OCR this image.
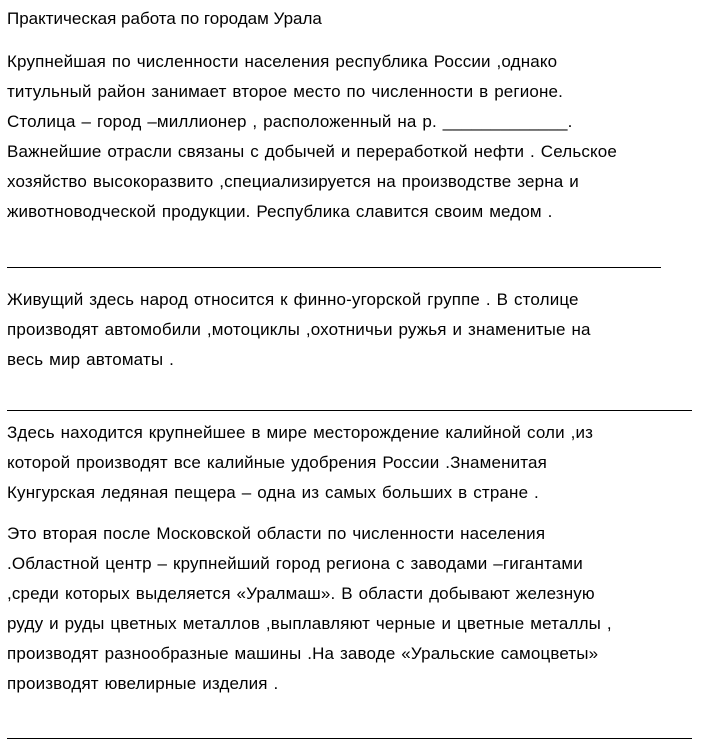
Практическая работа по городам Урала
Крупнейшая по численности населения республика России ,однако
титульный район занимает второе место по численности в регионе.
Столица – город –миллионер , расположенный на р. _____________.
Важнейшие отрасли связаны с добычей и переработкой нефти . Сельское
хозяйство высокоразвито ,специализируется на производстве зерна и
животноводческой продукции. Республика славится своим медом .
Живущий здесь народ относится к финно-угорской группе . В столице
производят автомобили ,мотоциклы ,охотничьи ружья и знаменитые на
весь мир автоматы .
Здесь находится крупнейшее в мире месторождение калийной соли ,из
которой производят все калийные удобрения России .Знаменитая
Кунгурская ледяная пещера – одна из самых больших в стране .
Это вторая после Московской области по численности населения
.Областной центр – крупнейший город региона с заводами –гигантами
,среди которых выделяется «Уралмаш». В области добывают железную
руду и руды цветных металлов ,выплавляют черные и цветные металлы ,
производят разнообразные машины .На заводе «Уральские самоцветы»
производят ювелирные изделия .
